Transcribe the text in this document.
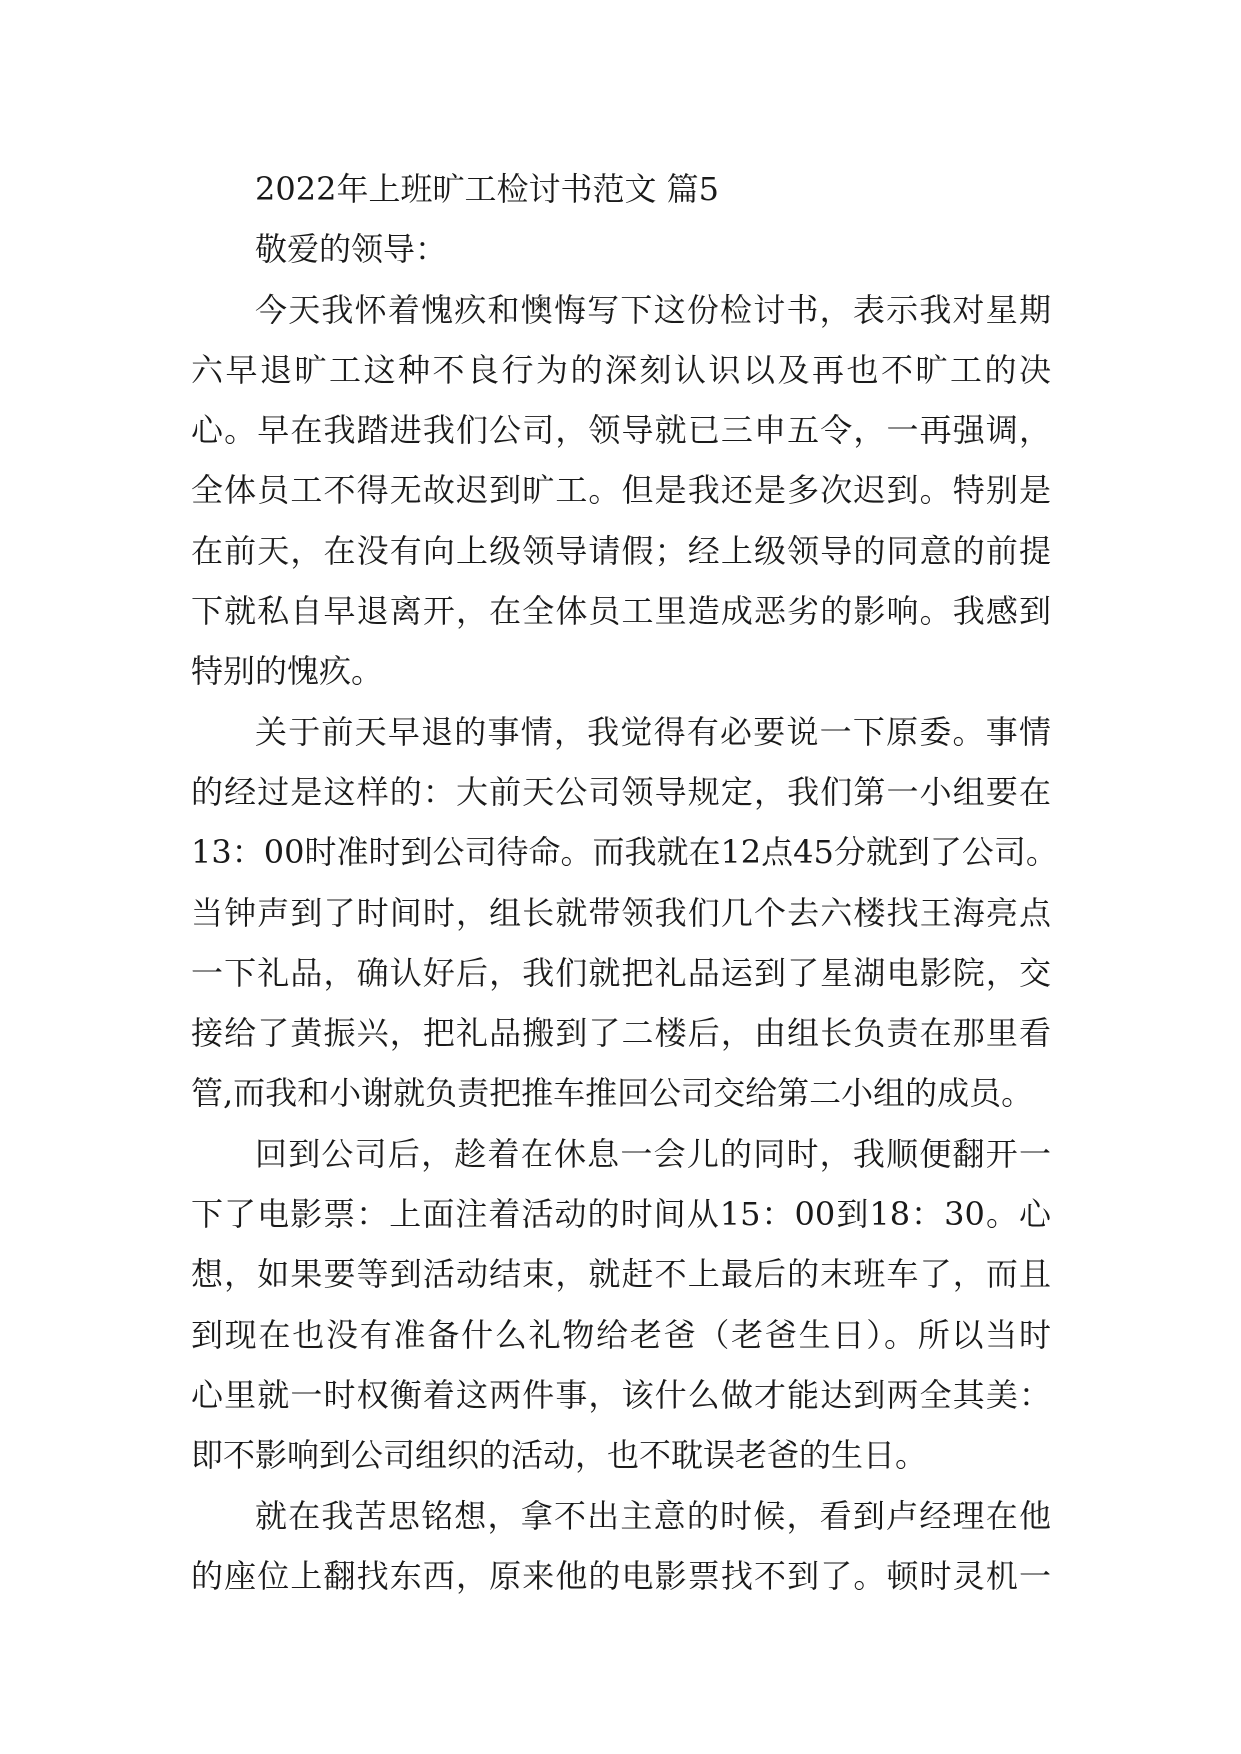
2022年上班旷工检讨书范文 篇5
敬爱的领导：
今天我怀着愧疚和懊悔写下这份检讨书，表示我对星期
六早退旷工这种不良行为的深刻认识以及再也不旷工的决
心。早在我踏进我们公司，领导就已三申五令，一再强调，
全体员工不得无故迟到旷工。但是我还是多次迟到。特别是
在前天，在没有向上级领导请假；经上级领导的同意的前提
下就私自早退离开，在全体员工里造成恶劣的影响。我感到
特别的愧疚。
关于前天早退的事情，我觉得有必要说一下原委。事情
的经过是这样的：大前天公司领导规定，我们第一小组要在
13：00时准时到公司待命。而我就在12点45分就到了公司。
当钟声到了时间时，组长就带领我们几个去六楼找王海亮点
一下礼品，确认好后，我们就把礼品运到了星湖电影院，交
接给了黄振兴，把礼品搬到了二楼后，由组长负责在那里看
管,而我和小谢就负责把推车推回公司交给第二小组的成员。
回到公司后，趁着在休息一会儿的同时，我顺便翻开一
下了电影票：上面注着活动的时间从15：00到18：30。心
想，如果要等到活动结束，就赶不上最后的末班车了，而且
到现在也没有准备什么礼物给老爸（老爸生日）。所以当时
心里就一时权衡着这两件事，该什么做才能达到两全其美：
即不影响到公司组织的活动，也不耽误老爸的生日。
就在我苦思铭想，拿不出主意的时候，看到卢经理在他
的座位上翻找东西，原来他的电影票找不到了。顿时灵机一
